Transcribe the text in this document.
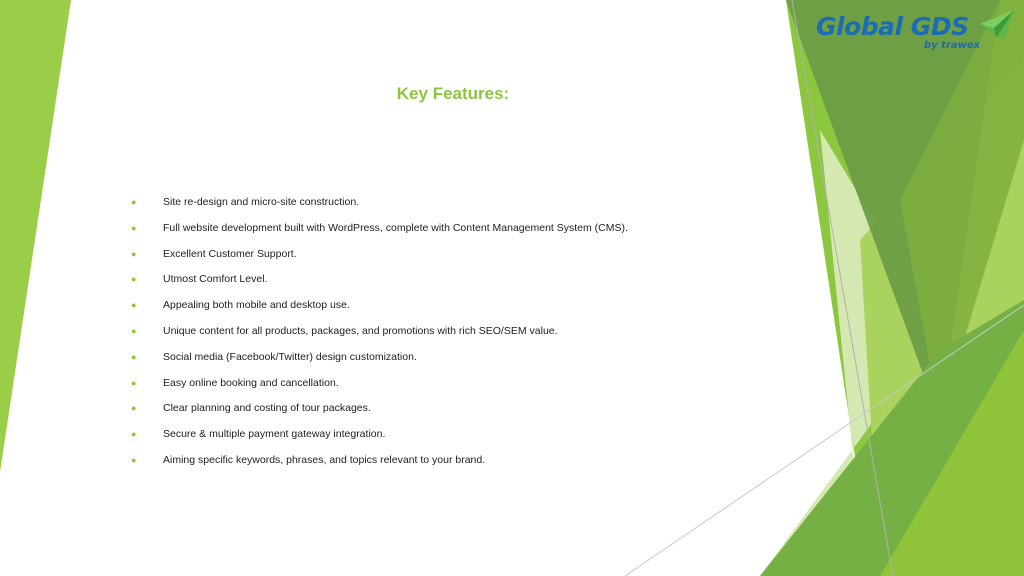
Global GDS
by trawex
Key Features:
●	Site re-design and micro-site construction.
●	Full website development built with WordPress, complete with Content Management System (CMS).
●	Excellent Customer Support.
●	Utmost Comfort Level.
●	Appealing both mobile and desktop use.
●	Unique content for all products, packages, and promotions with rich SEO/SEM value.
●	Social media (Facebook/Twitter) design customization.
●	Easy online booking and cancellation.
●	Clear planning and costing of tour packages.
●	Secure & multiple payment gateway integration.
●	Aiming specific keywords, phrases, and topics relevant to your brand.
